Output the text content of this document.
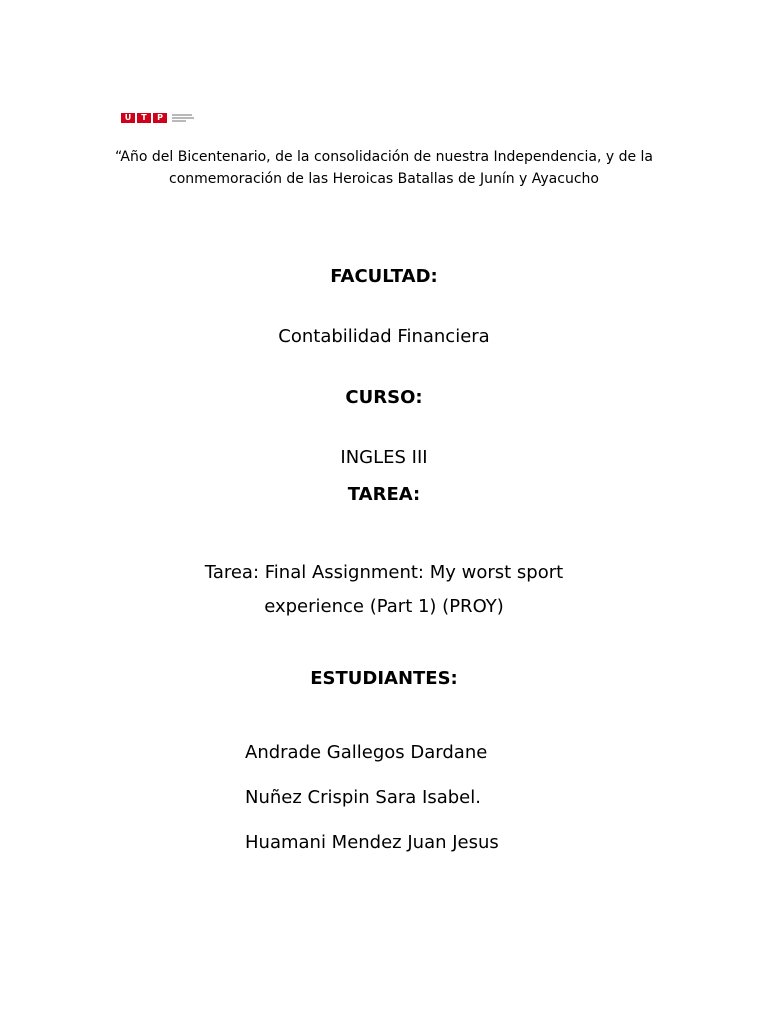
U	T	P
“Año del Bicentenario, de la consolidación de nuestra Independencia, y de la conmemoración de las Heroicas Batallas de Junín y Ayacucho
FACULTAD:
Contabilidad Financiera
CURSO:
INGLES III
TAREA:
Tarea: Final Assignment: My worst sport
experience (Part 1) (PROY)
ESTUDIANTES:
Andrade Gallegos Dardane
Nuñez Crispin Sara Isabel.
Huamani Mendez Juan Jesus
